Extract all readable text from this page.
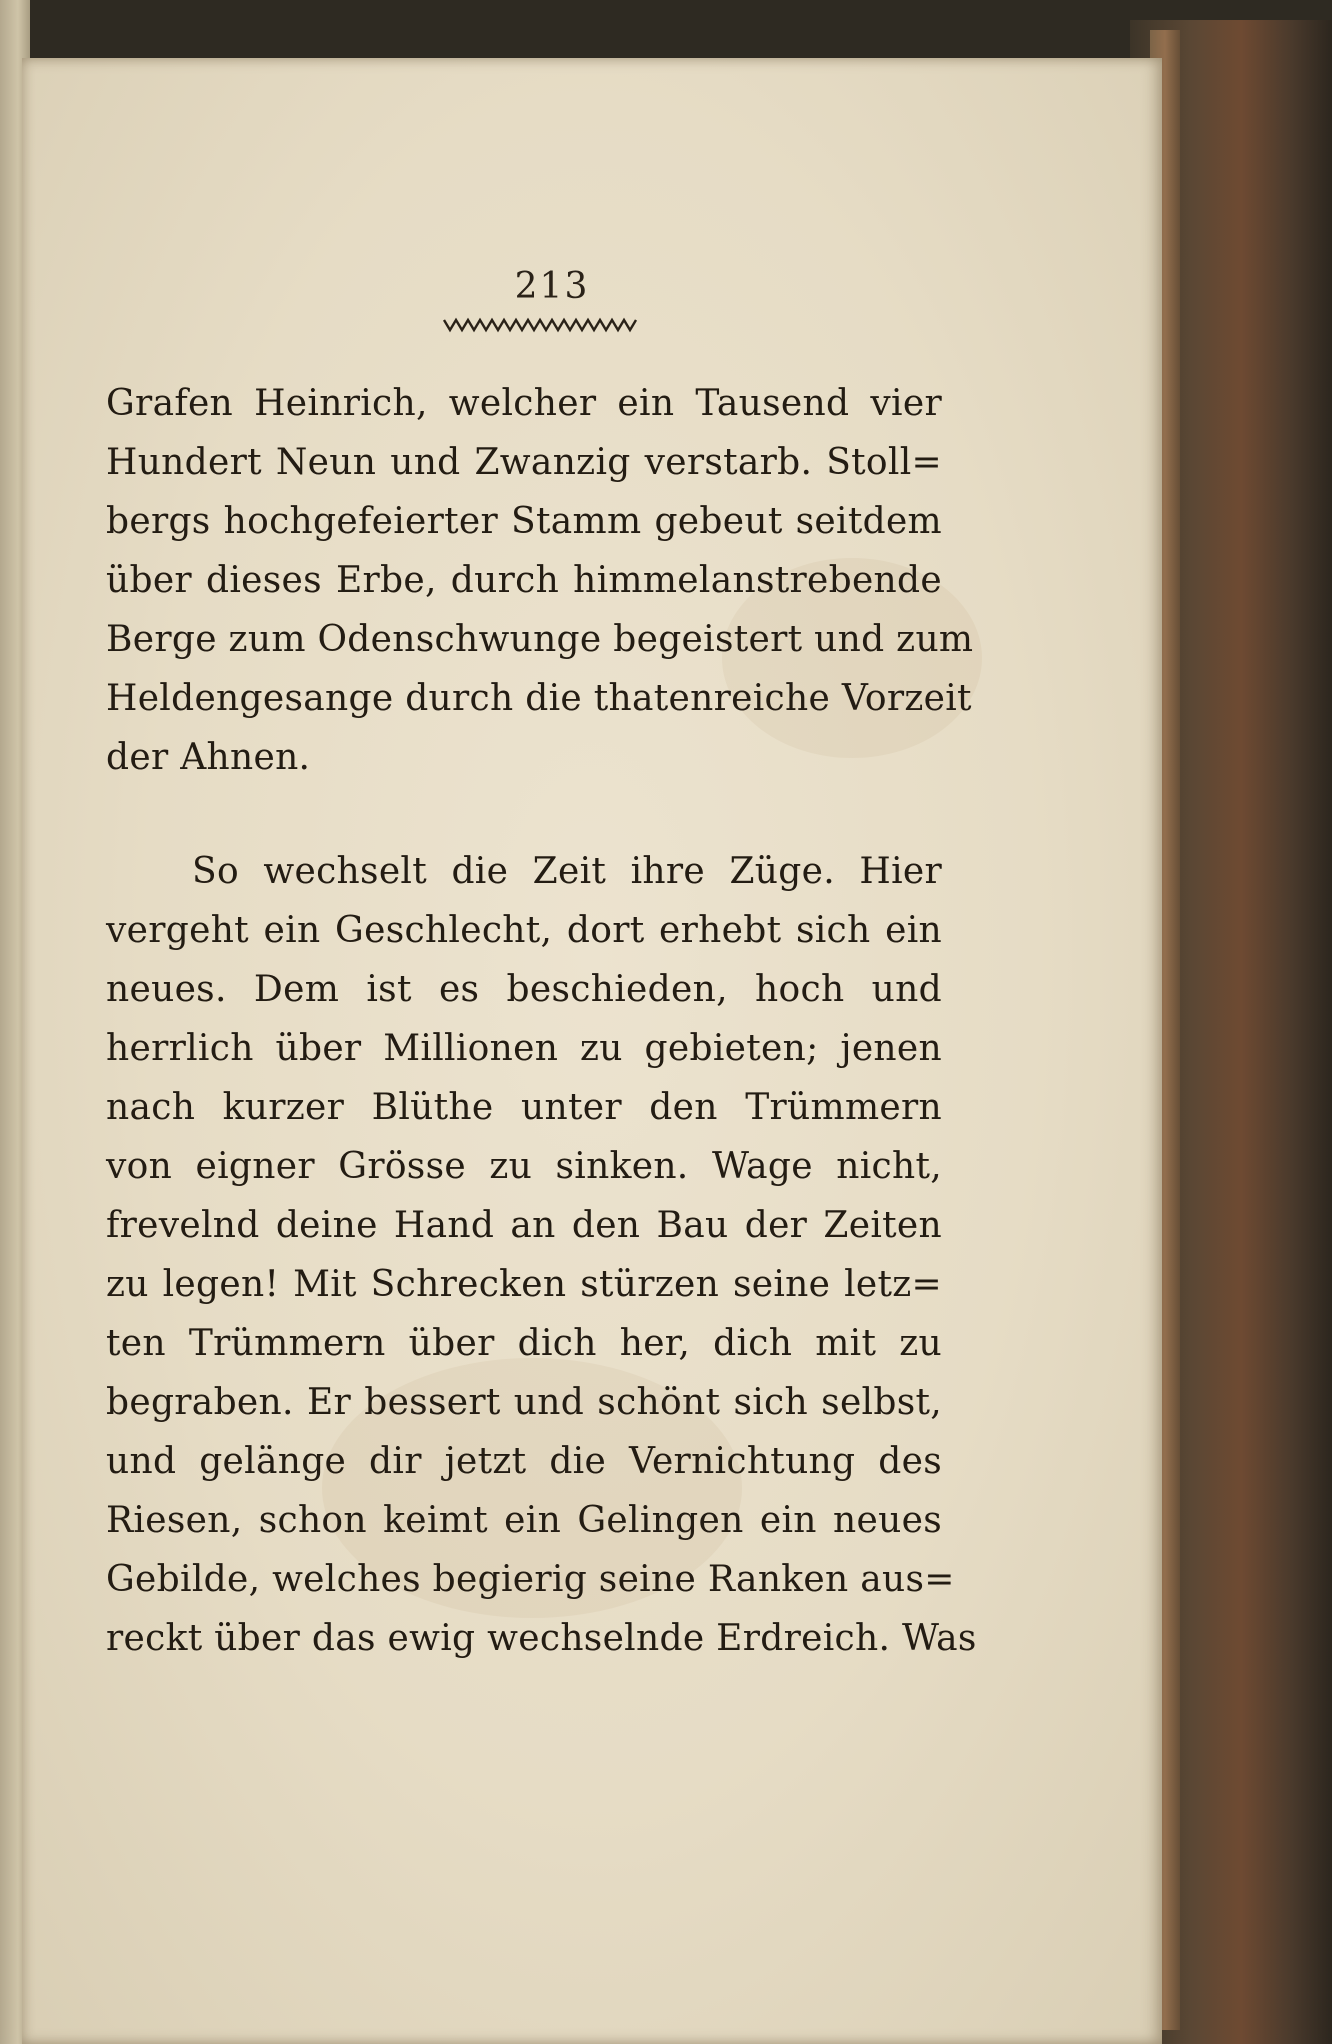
213

Grafen Heinrich, welcher ein Tausend vier
Hundert Neun und Zwanzig verstarb. Stoll=
bergs hochgefeierter Stamm gebeut seitdem
über dieses Erbe, durch himmelanstrebende
Berge zum Odenschwunge begeistert und zum
Heldengesange durch die thatenreiche Vorzeit
der Ahnen.

So wechselt die Zeit ihre Züge. Hier
vergeht ein Geschlecht, dort erhebt sich ein
neues. Dem ist es beschieden, hoch und
herrlich über Millionen zu gebieten; jenen
nach kurzer Blüthe unter den Trümmern
von eigner Grösse zu sinken. Wage nicht,
frevelnd deine Hand an den Bau der Zeiten
zu legen! Mit Schrecken stürzen seine letz=
ten Trümmern über dich her, dich mit zu
begraben. Er bessert und schönt sich selbst,
und gelänge dir jetzt die Vernichtung des
Riesen, schon keimt ein Gelingen ein neues
Gebilde, welches begierig seine Ranken aus=
reckt über das ewig wechselnde Erdreich. Was
